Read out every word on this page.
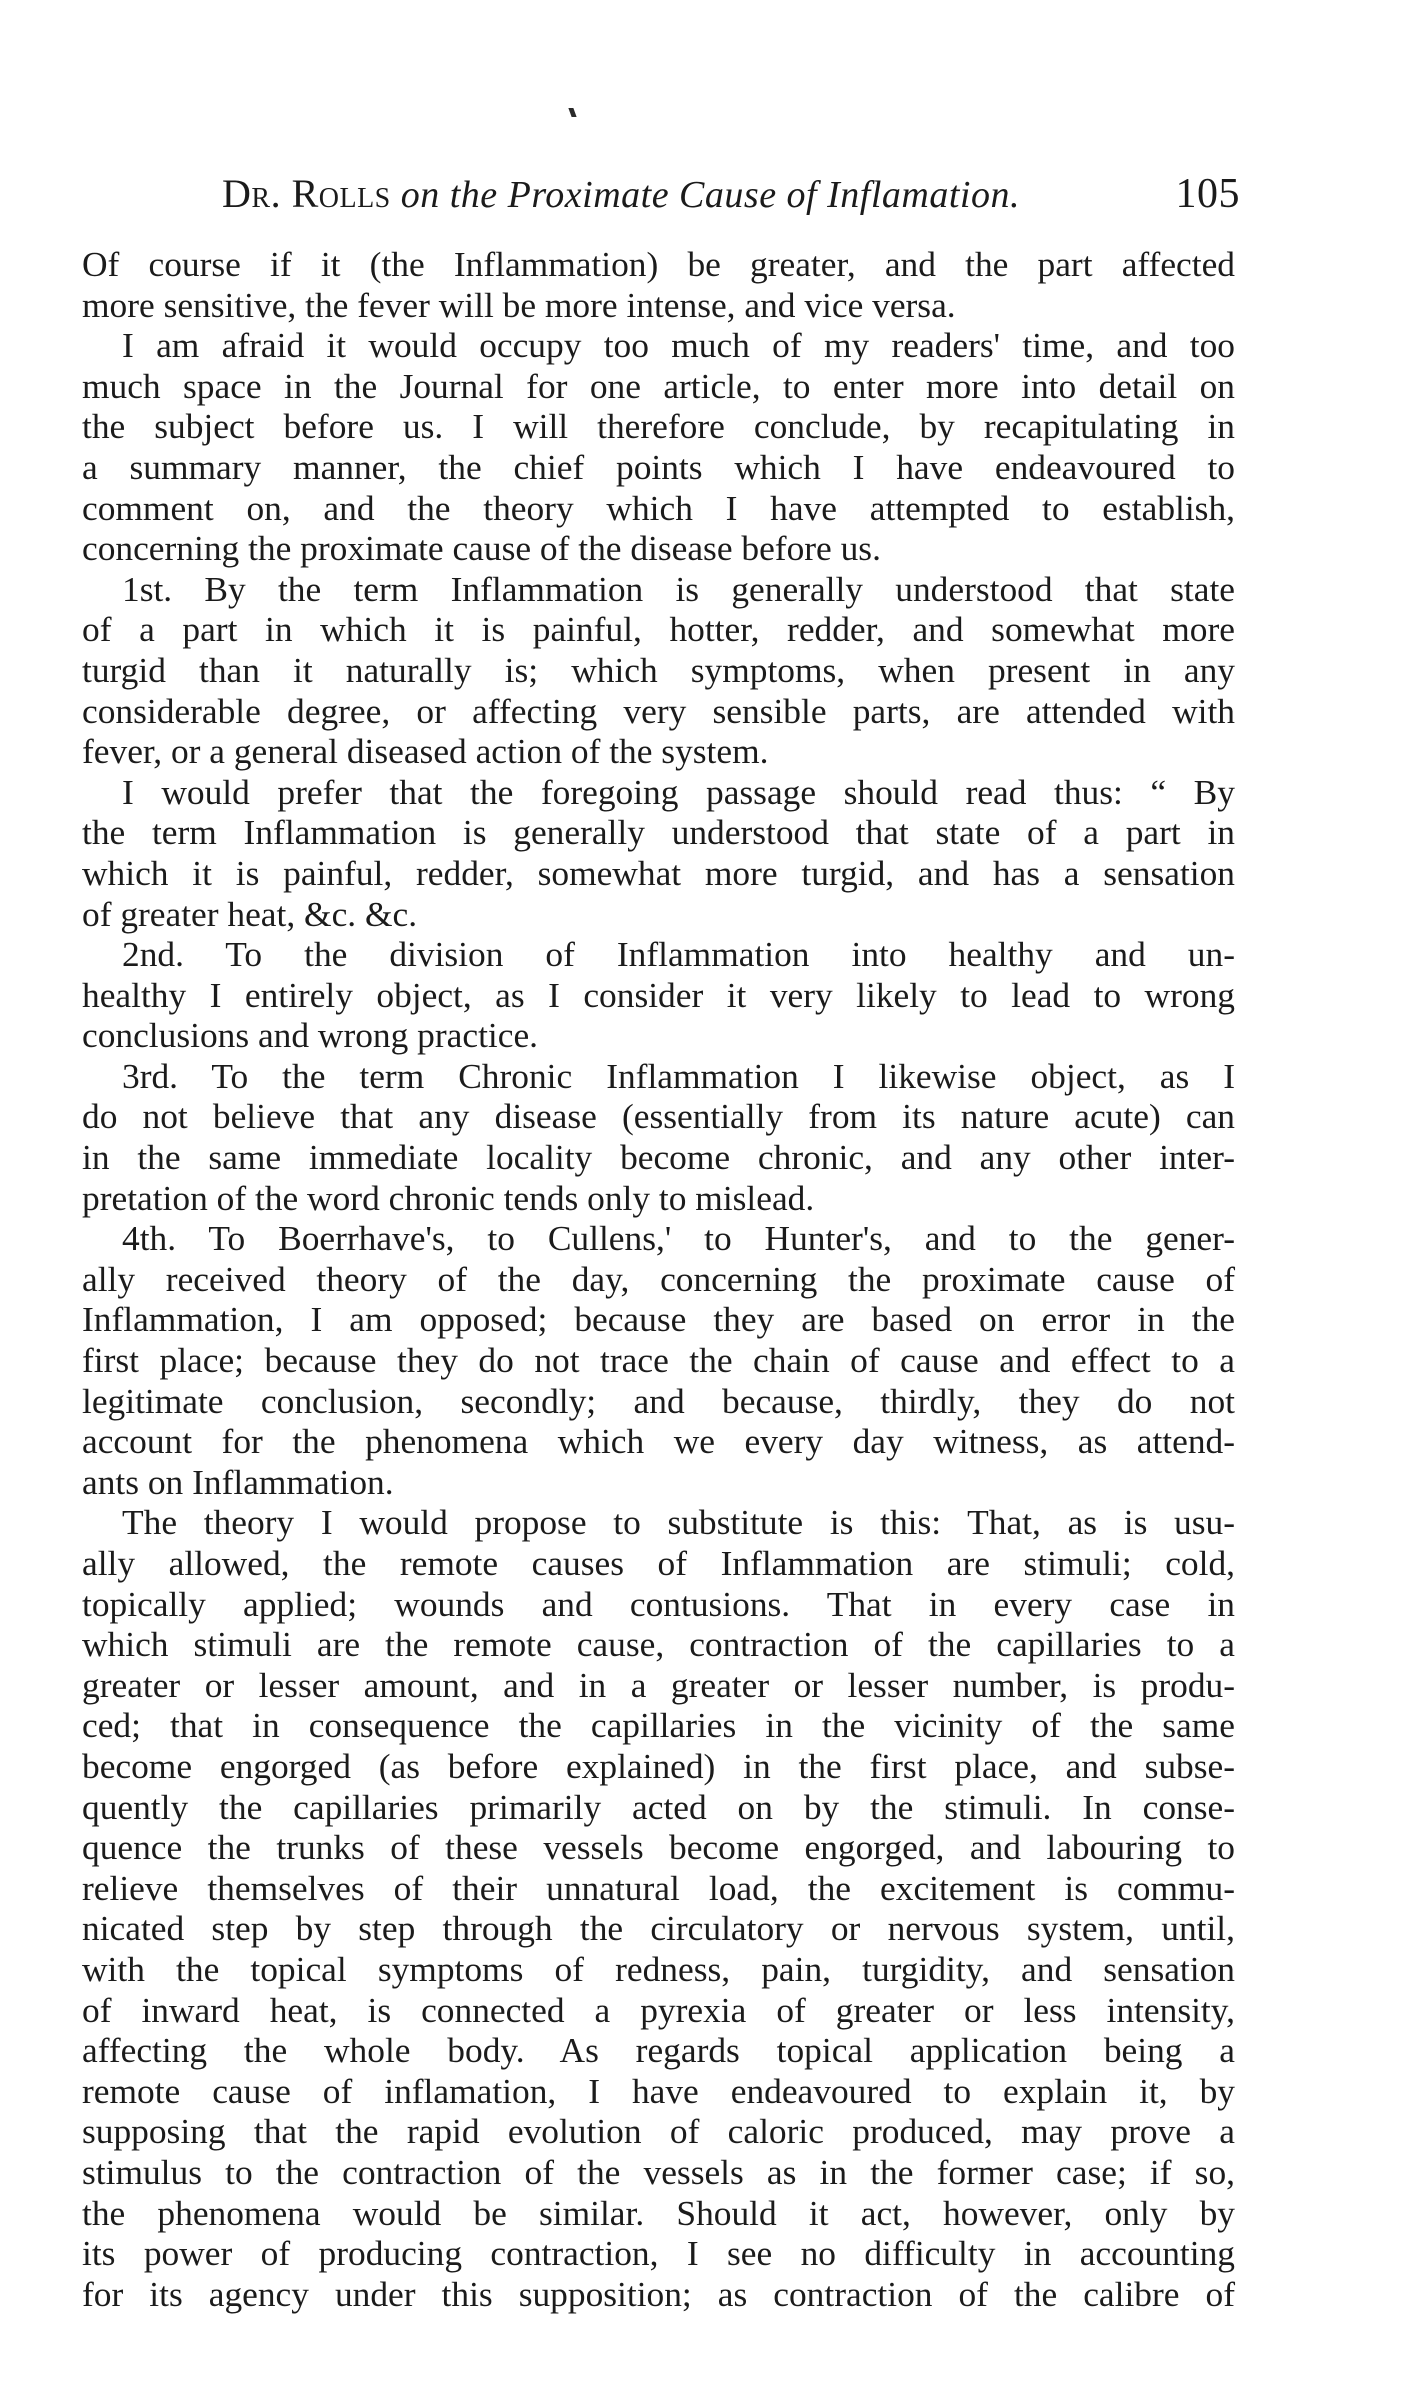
Dr. Rolls on the Proximate Cause of Inflamation.	105
Of course if it (the Inflammation) be greater, and the part affected
more sensitive, the fever will be more intense, and vice versa.
I am afraid it would occupy too much of my readers' time, and too
much space in the Journal for one article, to enter more into detail on
the subject before us. I will therefore conclude, by recapitulating in
a summary manner, the chief points which I have endeavoured to
comment on, and the theory which I have attempted to establish,
concerning the proximate cause of the disease before us.
1st. By the term Inflammation is generally understood that state
of a part in which it is painful, hotter, redder, and somewhat more
turgid than it naturally is; which symptoms, when present in any
considerable degree, or affecting very sensible parts, are attended with
fever, or a general diseased action of the system.
I would prefer that the foregoing passage should read thus: “ By
the term Inflammation is generally understood that state of a part in
which it is painful, redder, somewhat more turgid, and has a sensation
of greater heat, &c. &c.
2nd. To the division of Inflammation into healthy and un-
healthy I entirely object, as I consider it very likely to lead to wrong
conclusions and wrong practice.
3rd. To the term Chronic Inflammation I likewise object, as I
do not believe that any disease (essentially from its nature acute) can
in the same immediate locality become chronic, and any other inter-
pretation of the word chronic tends only to mislead.
4th. To Boerrhave's, to Cullens,' to Hunter's, and to the gener-
ally received theory of the day, concerning the proximate cause of
Inflammation, I am opposed; because they are based on error in the
first place; because they do not trace the chain of cause and effect to a
legitimate conclusion, secondly; and because, thirdly, they do not
account for the phenomena which we every day witness, as attend-
ants on Inflammation.
The theory I would propose to substitute is this: That, as is usu-
ally allowed, the remote causes of Inflammation are stimuli; cold,
topically applied; wounds and contusions. That in every case in
which stimuli are the remote cause, contraction of the capillaries to a
greater or lesser amount, and in a greater or lesser number, is produ-
ced; that in consequence the capillaries in the vicinity of the same
become engorged (as before explained) in the first place, and subse-
quently the capillaries primarily acted on by the stimuli. In conse-
quence the trunks of these vessels become engorged, and labouring to
relieve themselves of their unnatural load, the excitement is commu-
nicated step by step through the circulatory or nervous system, until,
with the topical symptoms of redness, pain, turgidity, and sensation
of inward heat, is connected a pyrexia of greater or less intensity,
affecting the whole body. As regards topical application being a
remote cause of inflamation, I have endeavoured to explain it, by
supposing that the rapid evolution of caloric produced, may prove a
stimulus to the contraction of the vessels as in the former case; if so,
the phenomena would be similar. Should it act, however, only by
its power of producing contraction, I see no difficulty in accounting
for its agency under this supposition; as contraction of the calibre of
